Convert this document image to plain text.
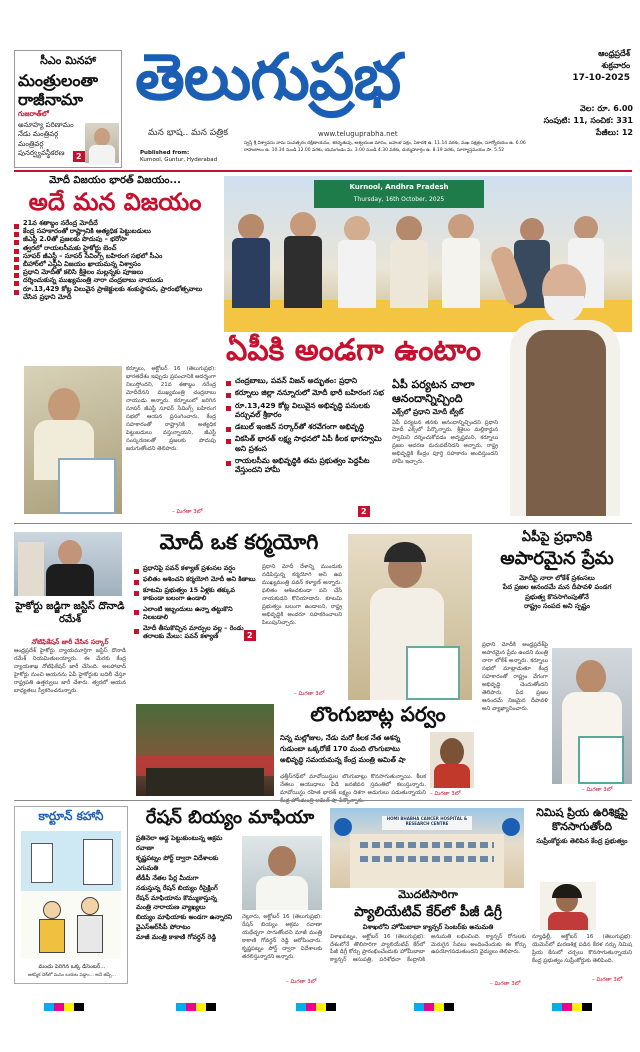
సీఎం మినహా
మంత్రులంతా రాజీనామా
గుజరాత్‌లో
అనూహ్య పరిణామం నేడు మంత్రివర్గ మంత్రివర్గ పునర్వ్యవస్థీకరణ	2
తెలుగుప్రభ
మన భాష.. మన పత్రిక	www.teluguprabha.net
ఆంధ్రప్రదేశ్
శుక్రవారం
17-10-2025
వెల: రూ. 6.00
సంపుటి: 11, సంచిక: 331
పేజీలు: 12
Published from:
Kurnool, Guntur, Hyderabad
స్వస్తి శ్రీ విశ్వావసు నామ సంవత్సరం దక్షిణాయనం, శరదృతువు, ఆశ్వయుజ మాసం, బహుళ పక్షం, ఏకాదశి ఉ. 11.14 వరకు, మఖ నక్షత్రం, సూర్యోదయం ఉ. 6.06
రాహుకాలం ఉ. 10.34 నుండి 12.00 వరకు, యమగండం మ. 3.00 నుండి 4.30 వరకు, దుర్ముహూర్తం ఉ. 8.19 వరకు, సూర్యాస్తమయం సా. 5.52
మోదీ విజయం భారత్ విజయం...
అదే మన విజయం
21వ శతాబ్దం నరేంద్ర మోదీదే
కేంద్ర సహకారంతో రాష్ట్రానికి అత్యధిక పెట్టుబడులు
జీఎస్టీ 2.0తో ప్రజలకు పొదుపు – భరోసా
త్వరలో రాయలసీమకు హైకోర్టు బెంచ్
సూపర్ జీఎస్టీ – సూపర్ సేవింగ్స్ బహిరంగ సభలో సీఎం
బీహార్‌లో ఎన్డీఏ విజయం ఖాయమన్న విశ్వాసం
ప్రధాని మోదీతో కలిసి శ్రీశైలం మల్లన్నకు పూజలు
దర్శించుకున్న ముఖ్యమంత్రి నారా చంద్రబాబు నాయుడు
రూ.13,429 కోట్ల విలువైన ప్రాజెక్టులకు శంకుస్థాపన, ప్రారంభోత్సవాలు చేసిన ప్రధాని మోదీ
కర్నూలు, అక్టోబర్ 16 (తెలుగుప్రభ): భారతదేశం ఇప్పుడు ప్రపంచానికి ఆదర్శంగా నిలుస్తోందని, 21వ శతాబ్దం నరేంద్ర మోదీదేనని ముఖ్యమంత్రి చంద్రబాబు నాయుడు అన్నారు. కర్నూలులో జరిగిన సూపర్ జీఎస్టీ సూపర్ సేవింగ్స్ బహిరంగ సభలో ఆయన ప్రసంగించారు. కేంద్ర సహకారంతో రాష్ట్రానికి అత్యధిక పెట్టుబడులు వస్తున్నాయని, జీఎస్టీ సంస్కరణలతో ప్రజలకు పొదుపు జరుగుతోందని తెలిపారు.
– మిగతా 3లో
Kurnool, Andhra Pradesh
Thursday, 16th October, 2025
ఏపీకి అండగా ఉంటాం
చంద్రబాబు, పవన్ విజన్ అద్భుతం: ప్రధాని
కర్నూలు జిల్లా నన్నూరులో మోదీ భారీ బహిరంగ సభ
రూ.13,429 కోట్ల విలువైన అభివృద్ధి పనులకు వర్చువల్ శ్రీకారం
డబుల్ ఇంజిన్ సర్కార్‌తో శరవేగంగా అభివృద్ధి
వికసిత్ భారత్ లక్ష్య సాధనలో ఏపీ కీలక భాగస్వామి అని ప్రశంస
రాయలసీమ అభివృద్ధికి తమ ప్రభుత్వం పెద్దపీట వేస్తుందని హామీ
2
ఏపీ పర్యటన చాలా ఆనందాన్నిచ్చింది
ఎక్స్‌లో ప్రధాని మోదీ ట్వీట్
ఏపీ పర్యటన తనకు ఆనందాన్నిచ్చిందని ప్రధాని మోదీ ఎక్స్‌లో పేర్కొన్నారు. శ్రీశైలం మల్లికార్జున స్వామిని దర్శించుకోవడం అదృష్టమని, కర్నూలు ప్రజల ఆదరణ మరువలేనిదని అన్నారు. రాష్ట్ర అభివృద్ధికి కేంద్రం పూర్తి సహకారం అందిస్తుందని హామీ ఇచ్చారు.
హైకోర్టు జడ్జిగా జస్టిస్ దొనాడి రమేశ్
నోటిఫికేషన్ జారీ చేసిన సర్కార్
ఆంధ్రప్రదేశ్ హైకోర్టు న్యాయమూర్తిగా జస్టిస్ దొనాడి రమేశ్ నియమితులయ్యారు. ఈ మేరకు కేంద్ర న్యాయశాఖ నోటిఫికేషన్ జారీ చేసింది. అలహాబాద్ హైకోర్టు నుంచి ఆయనను ఏపీ హైకోర్టుకు బదిలీ చేస్తూ రాష్ట్రపతి ఉత్తర్వులు జారీ చేశారు. త్వరలో ఆయన బాధ్యతలు స్వీకరించనున్నారు.
మోదీ ఒక కర్మయోగి
ప్రధానిపై పవన్ కళ్యాణ్ ప్రశంసల వర్షం
ఫలితం ఆశించని కర్మయోగి మోదీ అని కితాబు
కూటమి ప్రభుత్వం 15 ఏళ్లకు తక్కువ కాకుండా బలంగా ఉండాలి
ఎలాంటి ఇబ్బందులు ఉన్నా తట్టుకొని నిలబడాలి
మోదీ తీసుకొచ్చిన మార్పుల వల్ల – రెండు తరాలకు మేలు: పవన్ కళ్యాణ్	2
ప్రధాని మోదీ దేశాన్ని ముందుకు నడిపిస్తున్న కర్మయోగి అని ఉప ముఖ్యమంత్రి పవన్ కళ్యాణ్ అన్నారు. ఫలితం ఆశించకుండా పని చేసే నాయకుడని కొనియాడారు. కూటమి ప్రభుత్వం బలంగా ఉండాలని, రాష్ట్ర అభివృద్ధికి అందరూ సహకరించాలని పిలుపునిచ్చారు.
– మిగతా 3లో
ఏపీపై ప్రధానికి
అపారమైన ప్రేమ
మోదీపై నారా లోకేశ్ ప్రశంసలు
పేద ప్రజల ఆనందమే మన దీపావళి పండగ
ప్రభుత్వ కొనసాగింపుతోనే
రాష్ట్రం సంపద అని స్పష్టం
ప్రధాని మోదీకి ఆంధ్రప్రదేశ్‌పై అపారమైన ప్రేమ ఉందని మంత్రి నారా లోకేశ్ అన్నారు. కర్నూలు సభలో మాట్లాడుతూ కేంద్ర సహకారంతో రాష్ట్రం వేగంగా అభివృద్ధి చెందుతోందని తెలిపారు. పేద ప్రజల ఆనందమే నిజమైన దీపావళి అని వ్యాఖ్యానించారు.
– మిగతా 3లో
లొంగుబాట్ల పర్వం
నిన్న మల్లోజుల, నేడు మరో కీలక నేత ఆశన్న
గుడుంబా ఒక్కరోజే 170 మంది లొంగుబాటు
అభివృద్ధి సమయమన్న కేంద్ర మంత్రి అమిత్ షా
ఛత్తీస్‌గఢ్‌లో మావోయిస్టుల లొంగుబాట్లు కొనసాగుతున్నాయి. కీలక నేతలు ఆయుధాలు వీడి జనజీవన స్రవంతిలో కలుస్తున్నారు. మావోయిస్టు రహిత భారత్ లక్ష్యం దిశగా అడుగులు పడుతున్నాయని – మిగతా 3లో
కార్టూన్ కహానీ
మంచు పెరిగిన ఒక్క డిసెంబర్...
ఆకస్మిక చెక్‌లో మనం బయట పడ్డాం... అనే తప్పే...
రేషన్ బియ్యం మాఫియా
ప్రతినెలా అడ్డ పెట్టుకుంటున్న అక్రమ రవాణా
కృష్ణపట్నం పోర్ట్ ద్వారా విదేశాలకు ఎగుమతి
టీడీపీ నేతల పేర్ల మీదుగా
నడుస్తున్న రేషన్ బియ్యం రీసైక్లింగ్
రేషన్ మాఫియాను కొమ్ముకాస్తున్న
మంత్రి నారాయణ వ్యాఖ్యలు
బియ్యం మాఫియాకు అండగా ఉన్నారని
వైఎస్‌ఆర్‌సీపీ పోరాటం
మాజీ మంత్రి కాకాణి గోవర్ధన్ రెడ్డి
నెల్లూరు, అక్టోబర్ 16 (తెలుగుప్రభ): రేషన్ బియ్యం అక్రమ రవాణా యథేచ్ఛగా సాగుతోందని మాజీ మంత్రి కాకాణి గోవర్ధన్ రెడ్డి ఆరోపించారు. కృష్ణపట్నం పోర్ట్ ద్వారా విదేశాలకు తరలిస్తున్నారని అన్నారు.
– మిగతా 3లో
HOMI BHABHA CANCER HOSPITAL & RESEARCH CENTRE
మొదటిసారిగా
ప్యాలియేటివ్ కేర్‌లో పీజీ డిగ్రీ
విశాఖలోని హోమీబాబా క్యాన్సర్ సెంటర్‌కు అనుమతి
విశాఖపట్నం, అక్టోబర్ 16 (తెలుగుప్రభ): దేశంలోనే తొలిసారిగా ప్యాలియేటివ్ కేర్‌లో పీజీ డిగ్రీ కోర్సు ప్రారంభించేందుకు హోమీబాబా క్యాన్సర్ ఆసుపత్రి, పరిశోధనా కేంద్రానికి అనుమతి లభించింది. క్యాన్సర్ రోగులకు మెరుగైన సేవలు అందించేందుకు ఈ కోర్సు ఉపయోగపడుతుందని వైద్యులు తెలిపారు.
– మిగతా 3లో
నిమిష ప్రియ ఉరిశిక్షపై కొనసాగుతోంది
సుప్రీంకోర్టుకు తెలిపిన కేంద్ర ప్రభుత్వం
న్యూఢిల్లీ, అక్టోబర్ 16 (తెలుగుప్రభ): యెమెన్‌లో మరణశిక్ష పడిన కేరళ నర్సు నిమిష ప్రియ కేసులో చర్చలు కొనసాగుతున్నాయని కేంద్ర ప్రభుత్వం సుప్రీంకోర్టుకు తెలిపింది.
– మిగతా 3లో
